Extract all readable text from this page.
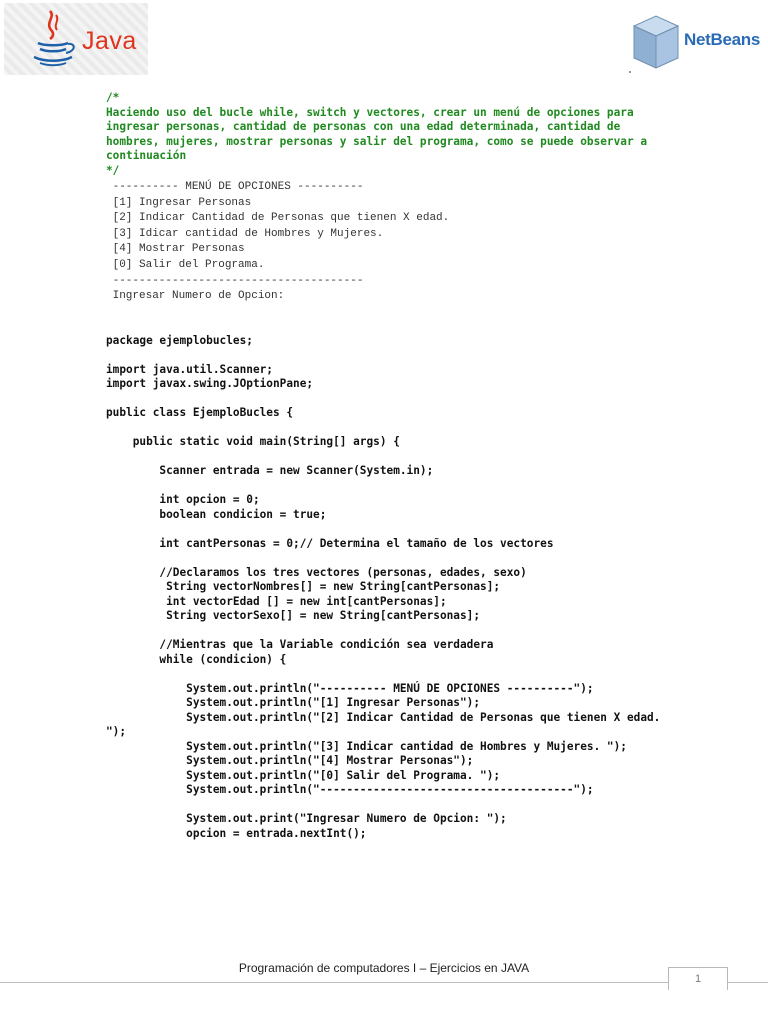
Java	NetBeans
/*
Haciendo uso del bucle while, switch y vectores, crear un menú de opciones para
ingresar personas, cantidad de personas con una edad determinada, cantidad de
hombres, mujeres, mostrar personas y salir del programa, como se puede observar a
continuación
*/
---------- MENÚ DE OPCIONES ----------
[1] Ingresar Personas
[2] Indicar Cantidad de Personas que tienen X edad.
[3] Idicar cantidad de Hombres y Mujeres.
[4] Mostrar Personas
[0] Salir del Programa.
--------------------------------------
Ingresar Numero de Opcion:

package ejemplobucles;

import java.util.Scanner;
import javax.swing.JOptionPane;

public class EjemploBucles {

public static void main(String[] args) {

Scanner entrada = new Scanner(System.in);

int opcion = 0;
boolean condicion = true;

int cantPersonas = 0;// Determina el tamaño de los vectores

//Declaramos los tres vectores (personas, edades, sexo)
String vectorNombres[] = new String[cantPersonas];
int vectorEdad [] = new int[cantPersonas];
String vectorSexo[] = new String[cantPersonas];

//Mientras que la Variable condición sea verdadera
while (condicion) {

System.out.println("---------- MENÚ DE OPCIONES ----------");
System.out.println("[1] Ingresar Personas");
System.out.println("[2] Indicar Cantidad de Personas que tienen X edad.
");
System.out.println("[3] Indicar cantidad de Hombres y Mujeres. ");
System.out.println("[4] Mostrar Personas");
System.out.println("[0] Salir del Programa. ");
System.out.println("--------------------------------------");

System.out.print("Ingresar Numero de Opcion: ");
opcion = entrada.nextInt();
Programación de computadores I – Ejercicios en JAVA
1
